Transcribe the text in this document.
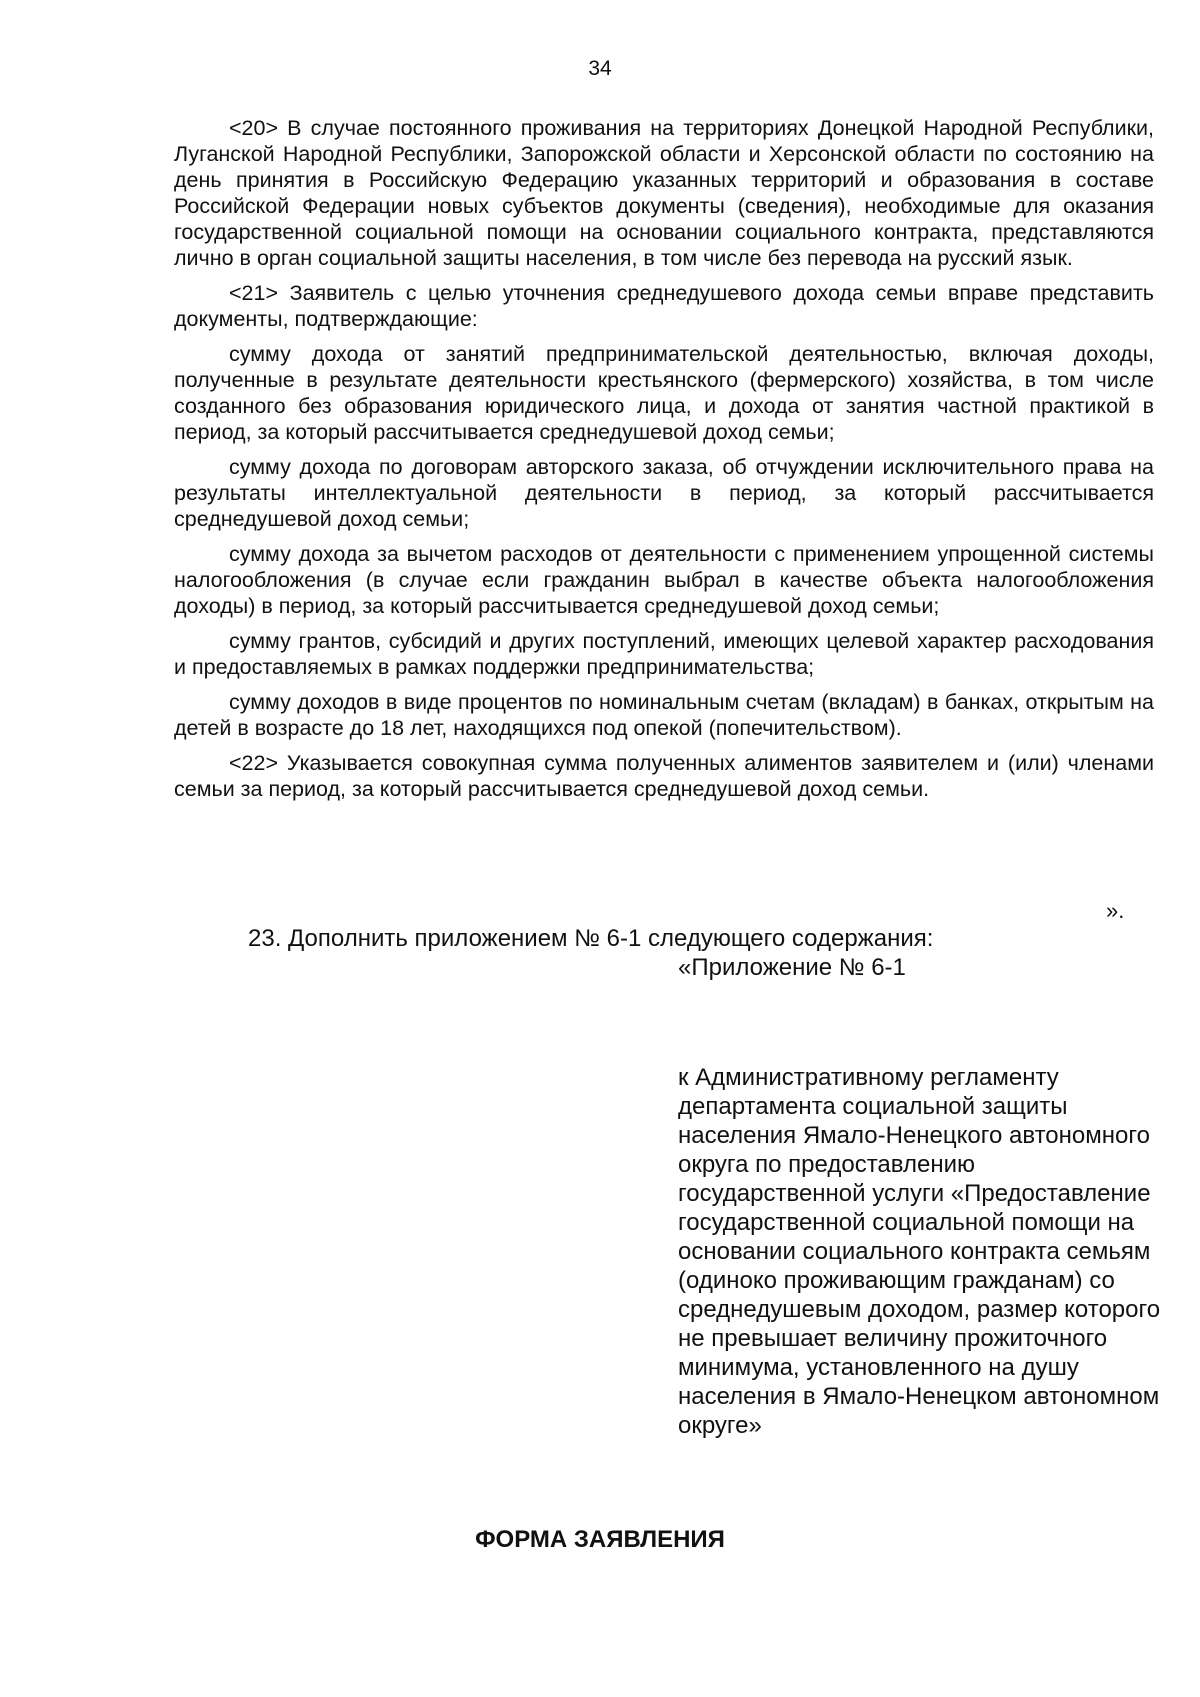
34

<20> В случае постоянного проживания на территориях Донецкой Народной Республики, Луганской Народной Республики, Запорожской области и Херсонской области по состоянию на день принятия в Российскую Федерацию указанных территорий и образования в составе Российской Федерации новых субъектов документы (сведения), необходимые для оказания государственной социальной помощи на основании социального контракта, представляются лично в орган социальной защиты населения, в том числе без перевода на русский язык.

<21> Заявитель с целью уточнения среднедушевого дохода семьи вправе представить документы, подтверждающие:

сумму дохода от занятий предпринимательской деятельностью, включая доходы, полученные в результате деятельности крестьянского (фермерского) хозяйства, в том числе созданного без образования юридического лица, и дохода от занятия частной практикой в период, за который рассчитывается среднедушевой доход семьи;

сумму дохода по договорам авторского заказа, об отчуждении исключительного права на результаты интеллектуальной деятельности в период, за который рассчитывается среднедушевой доход семьи;

сумму дохода за вычетом расходов от деятельности с применением упрощенной системы налогообложения (в случае если гражданин выбрал в качестве объекта налогообложения доходы) в период, за который рассчитывается среднедушевой доход семьи;

сумму грантов, субсидий и других поступлений, имеющих целевой характер расходования и предоставляемых в рамках поддержки предпринимательства;

сумму доходов в виде процентов по номинальным счетам (вкладам) в банках, открытым на детей в возрасте до 18 лет, находящихся под опекой (попечительством).

<22> Указывается совокупная сумма полученных алиментов заявителем и (или) членами семьи за период, за который рассчитывается среднедушевой доход семьи.

».
23. Дополнить приложением № 6-1 следующего содержания:
«Приложение № 6-1
к Административному регламенту департамента социальной защиты населения Ямало-Ненецкого автономного округа по предоставлению государственной услуги «Предоставление государственной социальной помощи на основании социального контракта семьям (одиноко проживающим гражданам) со среднедушевым доходом, размер которого не превышает величину прожиточного минимума, установленного на душу населения в Ямало-Ненецком автономном округе»
ФОРМА ЗАЯВЛЕНИЯ
